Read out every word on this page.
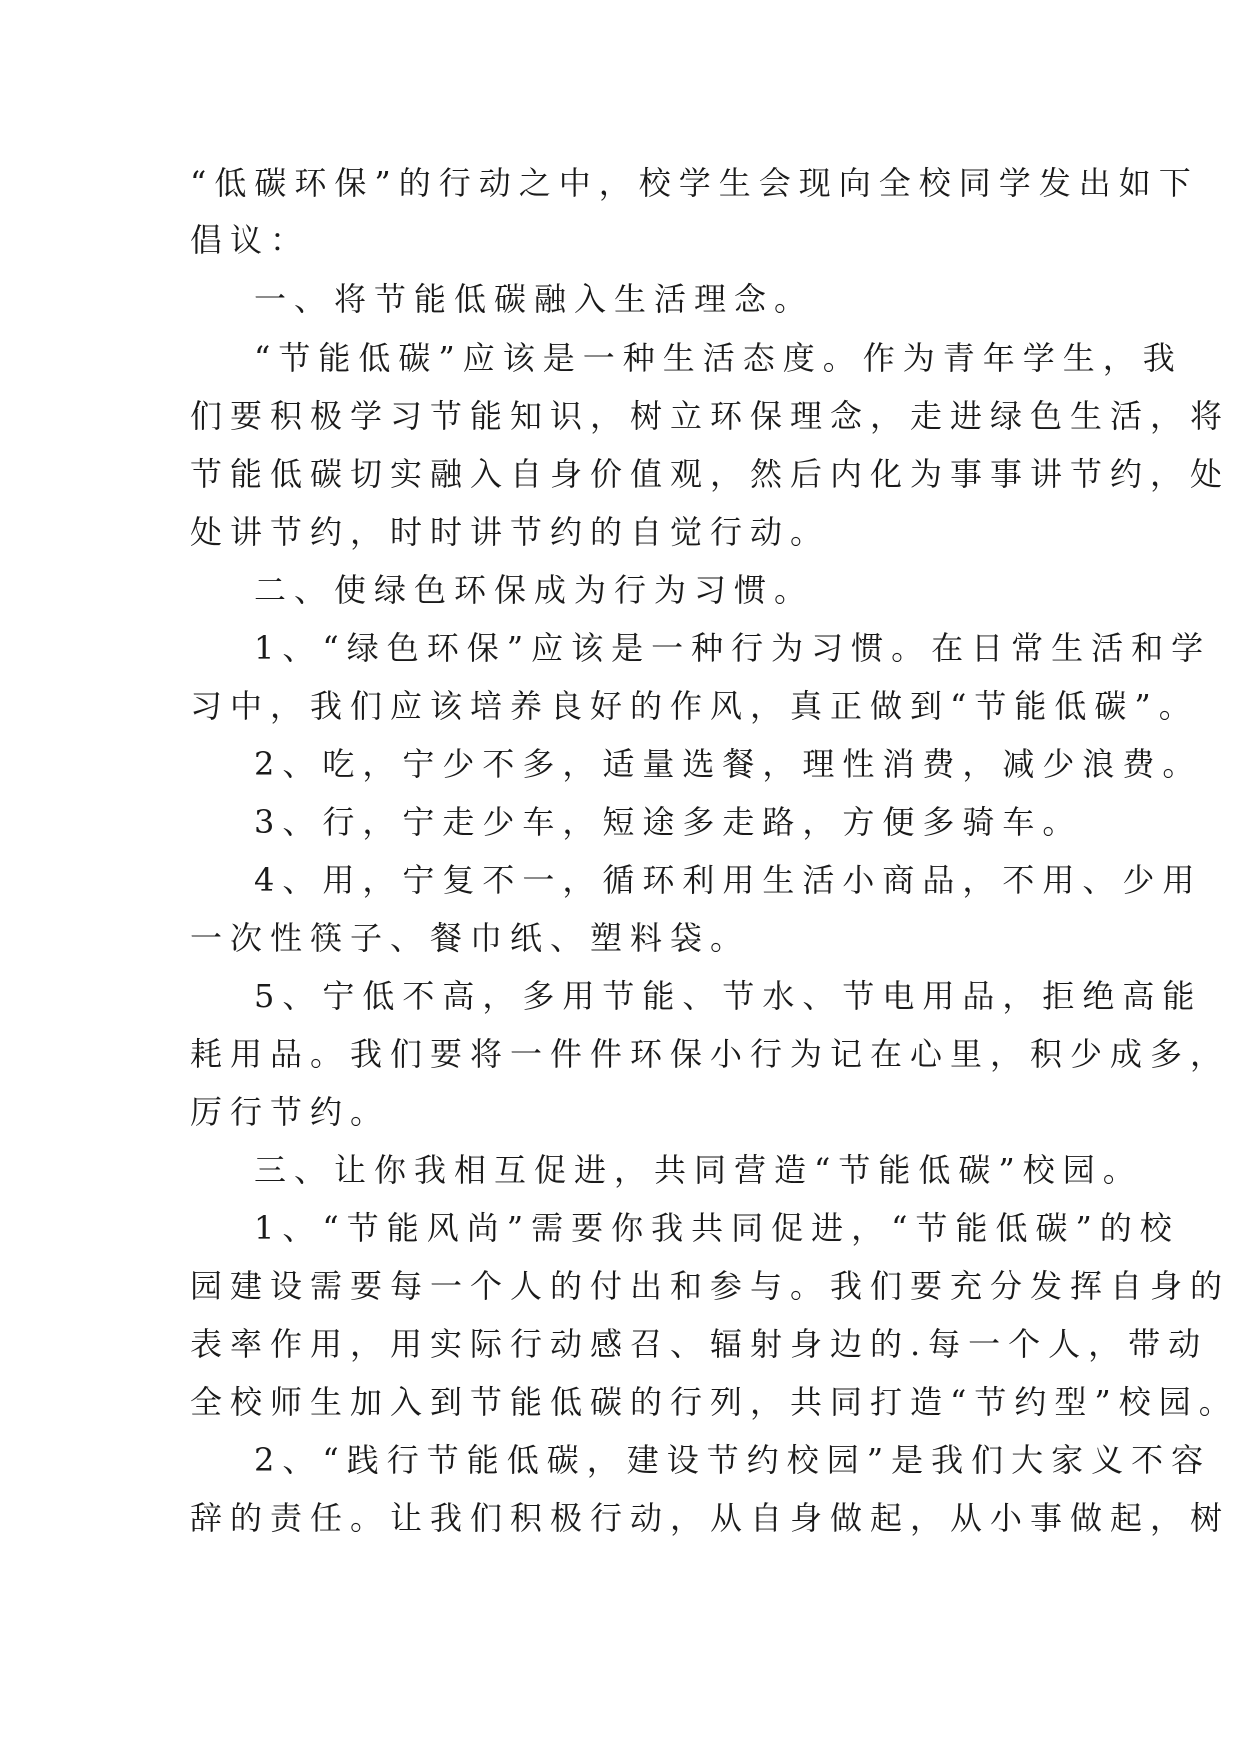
“低碳环保”的行动之中，校学生会现向全校同学发出如下
倡议：
一、将节能低碳融入生活理念。
“节能低碳”应该是一种生活态度。作为青年学生，我
们要积极学习节能知识，树立环保理念，走进绿色生活，将
节能低碳切实融入自身价值观，然后内化为事事讲节约，处
处讲节约，时时讲节约的自觉行动。
二、使绿色环保成为行为习惯。
1、“绿色环保”应该是一种行为习惯。在日常生活和学
习中，我们应该培养良好的作风，真正做到“节能低碳”。
2、吃，宁少不多，适量选餐，理性消费，减少浪费。
3、行，宁走少车，短途多走路，方便多骑车。
4、用，宁复不一，循环利用生活小商品，不用、少用
一次性筷子、餐巾纸、塑料袋。
5、宁低不高，多用节能、节水、节电用品，拒绝高能
耗用品。我们要将一件件环保小行为记在心里，积少成多，
厉行节约。
三、让你我相互促进，共同营造“节能低碳”校园。
1、“节能风尚”需要你我共同促进，“节能低碳”的校
园建设需要每一个人的付出和参与。我们要充分发挥自身的
表率作用，用实际行动感召、辐射身边的.每一个人，带动
全校师生加入到节能低碳的行列，共同打造“节约型”校园。
2、“践行节能低碳，建设节约校园”是我们大家义不容
辞的责任。让我们积极行动，从自身做起，从小事做起，树
